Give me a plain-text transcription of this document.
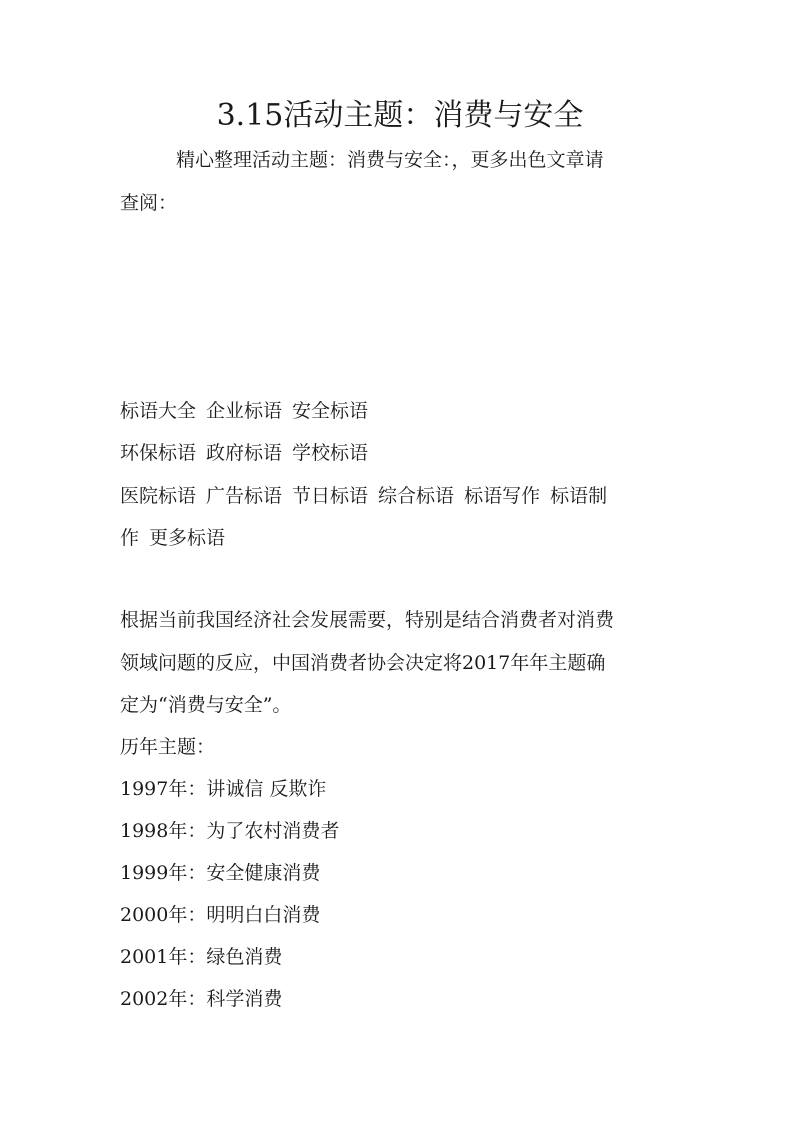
3.15活动主题：消费与安全

精心整理活动主题：消费与安全：，更多出色文章请

查阅：

标语大全 企业标语 安全标语
环保标语 政府标语 学校标语
医院标语 广告标语 节日标语 综合标语 标语写作 标语制
作 更多标语

根据当前我国经济社会发展需要，特别是结合消费者对消费

领域问题的反应，中国消费者协会决定将2017年年主题确

定为“消费与安全”。

历年主题：

1997年：讲诚信 反欺诈

1998年：为了农村消费者

1999年：安全健康消费

2000年：明明白白消费

2001年：绿色消费

2002年：科学消费
